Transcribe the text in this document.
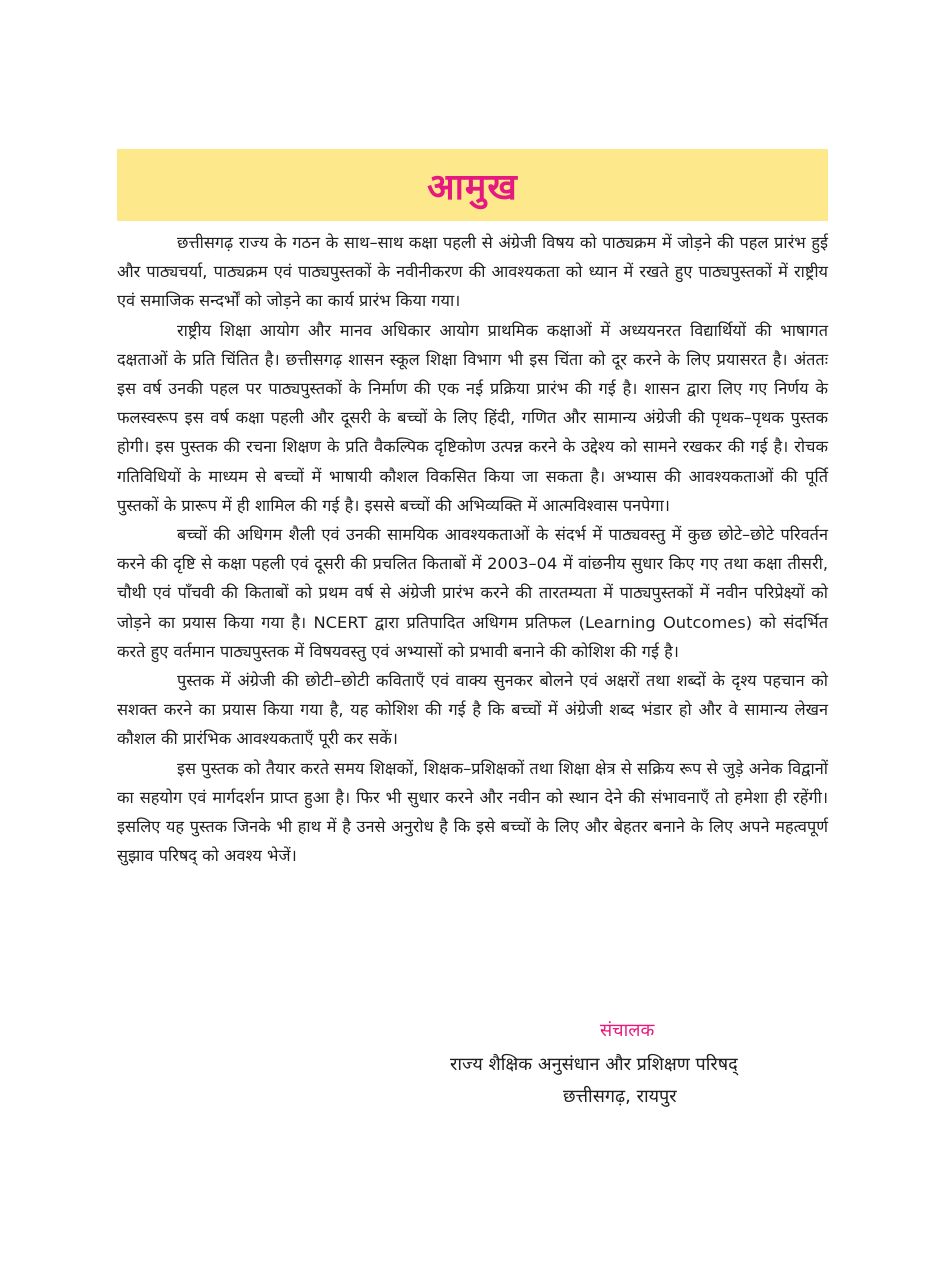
आमुख

छत्तीसगढ़ राज्य के गठन के साथ–साथ कक्षा पहली से अंग्रेजी विषय को पाठ्यक्रम में जोड़ने की पहल प्रारंभ हुई और पाठ्यचर्या, पाठ्यक्रम एवं पाठ्यपुस्तकों के नवीनीकरण की आवश्यकता को ध्यान में रखते हुए पाठ्यपुस्तकों में राष्ट्रीय एवं समाजिक सन्दर्भों को जोड़ने का कार्य प्रारंभ किया गया।

राष्ट्रीय शिक्षा आयोग और मानव अधिकार आयोग प्राथमिक कक्षाओं में अध्ययनरत विद्यार्थियों की भाषागत दक्षताओं के प्रति चिंतित है। छत्तीसगढ़ शासन स्कूल शिक्षा विभाग भी इस चिंता को दूर करने के लिए प्रयासरत है। अंततः इस वर्ष उनकी पहल पर पाठ्यपुस्तकों के निर्माण की एक नई प्रक्रिया प्रारंभ की गई है। शासन द्वारा लिए गए निर्णय के फलस्वरूप इस वर्ष कक्षा पहली और दूसरी के बच्चों के लिए हिंदी, गणित और सामान्य अंग्रेजी की पृथक–पृथक पुस्तक होगी। इस पुस्तक की रचना शिक्षण के प्रति वैकल्पिक दृष्टिकोण उत्पन्न करने के उद्देश्य को सामने रखकर की गई है। रोचक गतिविधियों के माध्यम से बच्चों में भाषायी कौशल विकसित किया जा सकता है। अभ्यास की आवश्यकताओं की पूर्ति पुस्तकों के प्रारूप में ही शामिल की गई है। इससे बच्चों की अभिव्यक्ति में आत्मविश्वास पनपेगा।

बच्चों की अधिगम शैली एवं उनकी सामयिक आवश्यकताओं के संदर्भ में पाठ्यवस्तु में कुछ छोटे–छोटे परिवर्तन करने की दृष्टि से कक्षा पहली एवं दूसरी की प्रचलित किताबों में 2003–04 में वांछनीय सुधार किए गए तथा कक्षा तीसरी, चौथी एवं पाँचवी की किताबों को प्रथम वर्ष से अंग्रेजी प्रारंभ करने की तारतम्यता में पाठ्यपुस्तकों में नवीन परिप्रेक्ष्यों को जोड़ने का प्रयास किया गया है। NCERT द्वारा प्रतिपादित अधिगम प्रतिफल (Learning Outcomes) को संदर्भित करते हुए वर्तमान पाठ्यपुस्तक में विषयवस्तु एवं अभ्यासों को प्रभावी बनाने की कोशिश की गई है।

पुस्तक में अंग्रेजी की छोटी–छोटी कविताएँ एवं वाक्य सुनकर बोलने एवं अक्षरों तथा शब्दों के दृश्य पहचान को सशक्त करने का प्रयास किया गया है, यह कोशिश की गई है कि बच्चों में अंग्रेजी शब्द भंडार हो और वे सामान्य लेखन कौशल की प्रारंभिक आवश्यकताएँ पूरी कर सकें।

इस पुस्तक को तैयार करते समय शिक्षकों, शिक्षक–प्रशिक्षकों तथा शिक्षा क्षेत्र से सक्रिय रूप से जुड़े अनेक विद्वानों का सहयोग एवं मार्गदर्शन प्राप्त हुआ है। फिर भी सुधार करने और नवीन को स्थान देने की संभावनाएँ तो हमेशा ही रहेंगी। इसलिए यह पुस्तक जिनके भी हाथ में है उनसे अनुरोध है कि इसे बच्चों के लिए और बेहतर बनाने के लिए अपने महत्वपूर्ण सुझाव परिषद् को अवश्य भेजें।

संचालक
राज्य शैक्षिक अनुसंधान और प्रशिक्षण परिषद्
छत्तीसगढ़, रायपुर
